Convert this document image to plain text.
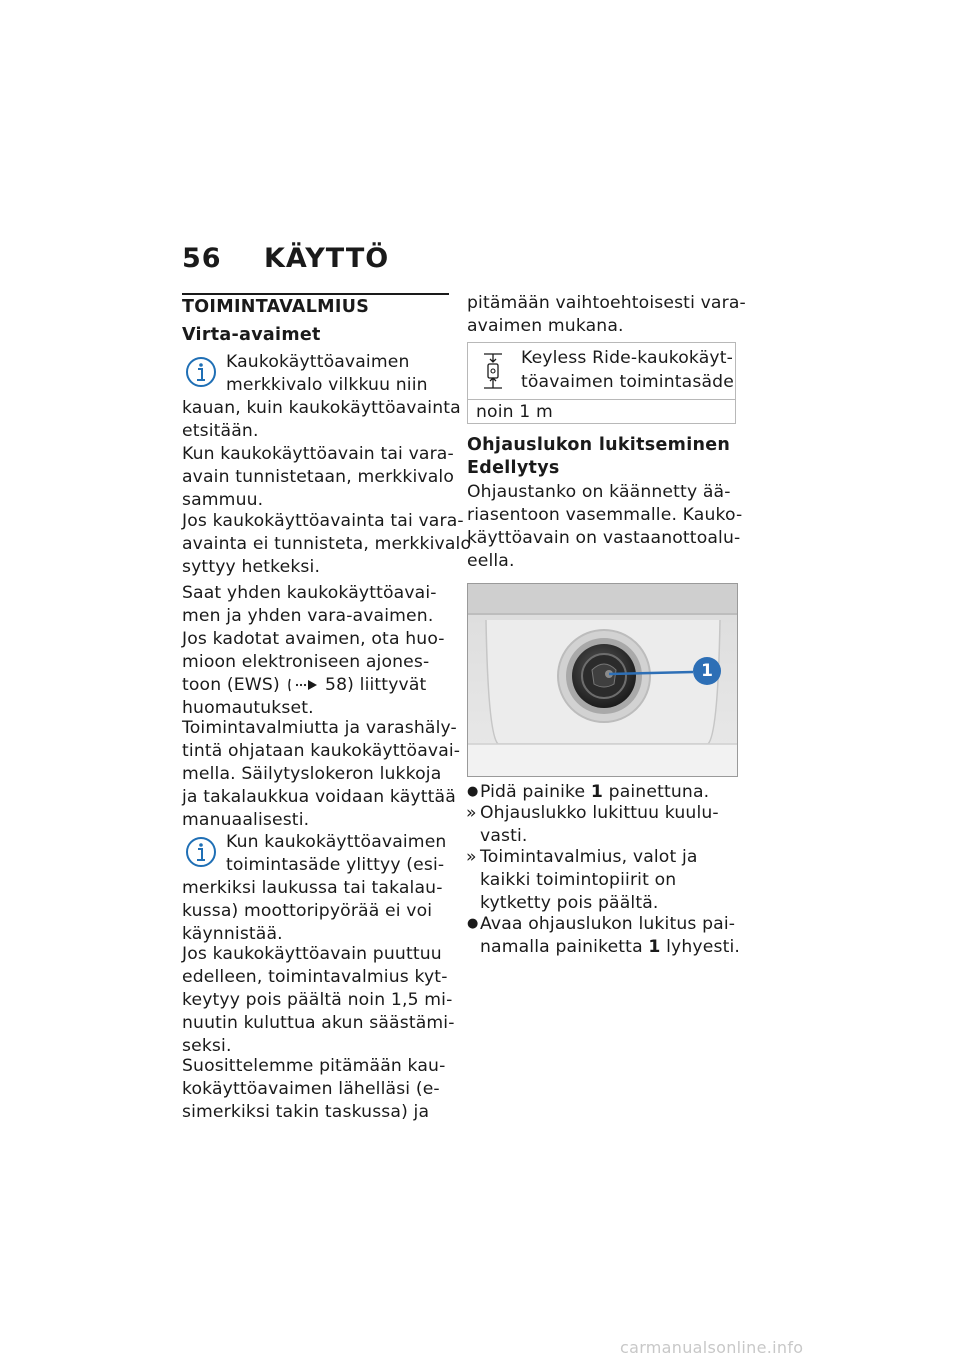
56 KÄYTTÖ
TOIMINTAVALMIUS
Virta-avaimet
Kaukokäyttöavaimen
merkkivalo vilkkuu niin
kauan, kuin kaukokäyttöavainta
etsitään.
Kun kaukokäyttöavain tai vara-
avain tunnistetaan, merkkivalo
sammuu.
Jos kaukokäyttöavainta tai vara-
avainta ei tunnisteta, merkkivalo
syttyy hetkeksi.
Saat yhden kaukokäyttöavai-
men ja yhden vara-avaimen.
Jos kadotat avaimen, ota huo-
mioon elektroniseen ajones-
toon (EWS)	58) liittyvät
huomautukset.
Toimintavalmiutta ja varashäly-
tintä ohjataan kaukokäyttöavai-
mella. Säilytyslokeron lukkoja
ja takalaukkua voidaan käyttää
manuaalisesti.
Kun kaukokäyttöavaimen
toimintasäde ylittyy (esi-
merkiksi laukussa tai takalau-
kussa) moottoripyörää ei voi
käynnistää.
Jos kaukokäyttöavain puuttuu
edelleen, toimintavalmius kyt-
keytyy pois päältä noin 1,5 mi-
nuutin kuluttua akun säästämi-
seksi.
Suosittelemme pitämään kau-
kokäyttöavaimen lähelläsi (e-
simerkiksi takin taskussa) ja
pitämään vaihtoehtoisesti vara-
avaimen mukana.
Keyless Ride-kaukokäyt-
töavaimen toimintasäde
noin 1 m
Ohjauslukon lukitseminen
Edellytys
Ohjaustanko on käännetty ää-
riasentoon vasemmalle. Kauko-
käyttöavain on vastaanottoalu-
eella.
1
● Pidä painike 1 painettuna.
» Ohjauslukko lukittuu kuulu-
vasti.
» Toimintavalmius, valot ja
kaikki toimintopiirit on
kytketty pois päältä.
● Avaa ohjauslukon lukitus pai-
namalla painiketta 1 lyhyesti.
carmanualsonline.info
